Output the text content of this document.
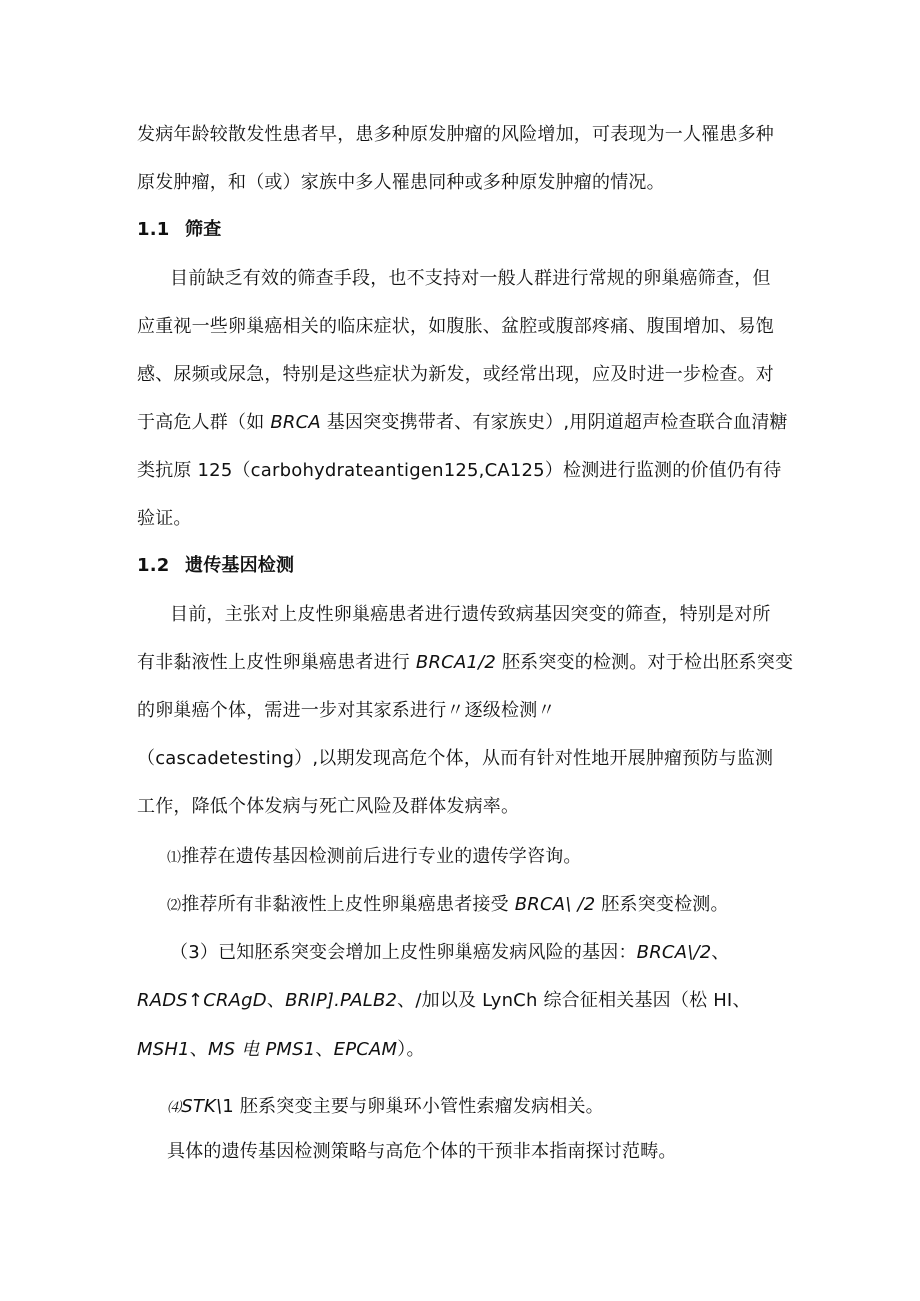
发病年龄较散发性患者早，患多种原发肿瘤的风险增加，可表现为一人罹患多种
原发肿瘤，和（或）家族中多人罹患同种或多种原发肿瘤的情况。
1.1 筛查
目前缺乏有效的筛查手段，也不支持对一般人群进行常规的卵巢癌筛查，但
应重视一些卵巢癌相关的临床症状，如腹胀、盆腔或腹部疼痛、腹围增加、易饱
感、尿频或尿急，特别是这些症状为新发，或经常出现，应及时进一步检查。对
于高危人群（如 BRCA 基因突变携带者、有家族史）,用阴道超声检查联合血清糖
类抗原 125（carbohydrateantigen125,CA125）检测进行监测的价值仍有待
验证。
1.2 遗传基因检测
目前，主张对上皮性卵巢癌患者进行遗传致病基因突变的筛查，特别是对所
有非黏液性上皮性卵巢癌患者进行 BRCA1/2 胚系突变的检测。对于检出胚系突变
的卵巢癌个体，需进一步对其家系进行〃逐级检测〃
（cascadetesting）,以期发现高危个体，从而有针对性地开展肿瘤预防与监测
工作，降低个体发病与死亡风险及群体发病率。
⑴推荐在遗传基因检测前后进行专业的遗传学咨询。
⑵推荐所有非黏液性上皮性卵巢癌患者接受 BRCA\ /2 胚系突变检测。
（3）已知胚系突变会增加上皮性卵巢癌发病风险的基因：BRCA\/2、
RADS↑CRAgD、BRIP].PALB2、/加以及 LynCh 综合征相关基因（松 HI、
MSH1、MS 电 PMS1、EPCAM）。
⑷STK\1 胚系突变主要与卵巢环小管性索瘤发病相关。
具体的遗传基因检测策略与高危个体的干预非本指南探讨范畴。
